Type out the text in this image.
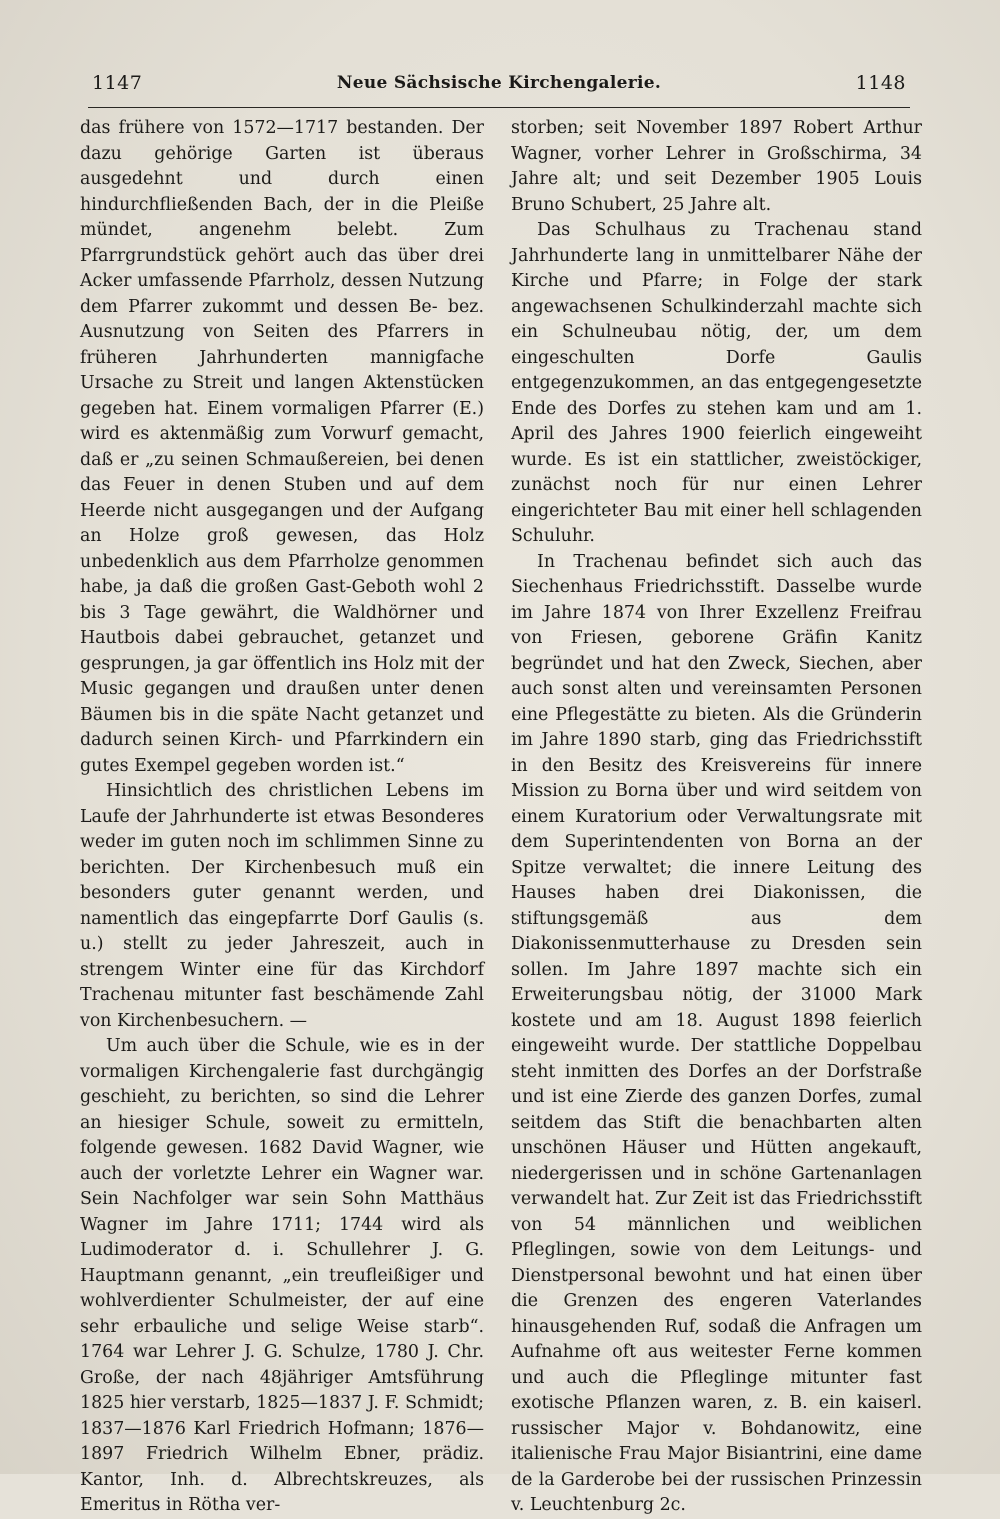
1147	Neue Sächsische Kirchengalerie.	1148

das frühere von 1572—1717 bestanden. Der dazu gehörige Garten ist überaus ausgedehnt und durch einen hindurchfließenden Bach, der in die Pleiße mündet, angenehm belebt. Zum Pfarrgrundstück gehört auch das über drei Acker umfassende Pfarrholz, dessen Nutzung dem Pfarrer zukommt und dessen Be- bez. Ausnutzung von Seiten des Pfarrers in früheren Jahrhunderten mannigfache Ursache zu Streit und langen Aktenstücken gegeben hat. Einem vormaligen Pfarrer (E.) wird es aktenmäßig zum Vorwurf gemacht, daß er „zu seinen Schmaußereien, bei denen das Feuer in denen Stuben und auf dem Heerde nicht ausgegangen und der Aufgang an Holze groß gewesen, das Holz unbedenklich aus dem Pfarrholze genommen habe, ja daß die großen Gast-Geboth wohl 2 bis 3 Tage gewährt, die Waldhörner und Hautbois dabei gebrauchet, getanzet und gesprungen, ja gar öffentlich ins Holz mit der Music gegangen und draußen unter denen Bäumen bis in die späte Nacht getanzet und dadurch seinen Kirch- und Pfarrkindern ein gutes Exempel gegeben worden ist.“

Hinsichtlich des christlichen Lebens im Laufe der Jahrhunderte ist etwas Besonderes weder im guten noch im schlimmen Sinne zu berichten. Der Kirchenbesuch muß ein besonders guter genannt werden, und namentlich das eingepfarrte Dorf Gaulis (s. u.) stellt zu jeder Jahreszeit, auch in strengem Winter eine für das Kirchdorf Trachenau mitunter fast beschämende Zahl von Kirchenbesuchern. —

Um auch über die Schule, wie es in der vormaligen Kirchengalerie fast durchgängig geschieht, zu berichten, so sind die Lehrer an hiesiger Schule, soweit zu ermitteln, folgende gewesen. 1682 David Wagner, wie auch der vorletzte Lehrer ein Wagner war. Sein Nachfolger war sein Sohn Matthäus Wagner im Jahre 1711; 1744 wird als Ludimoderator d. i. Schullehrer J. G. Hauptmann genannt, „ein treufleißiger und wohlverdienter Schulmeister, der auf eine sehr erbauliche und selige Weise starb“. 1764 war Lehrer J. G. Schulze, 1780 J. Chr. Große, der nach 48jähriger Amtsführung 1825 hier verstarb, 1825—1837 J. F. Schmidt; 1837—1876 Karl Friedrich Hofmann; 1876—1897 Friedrich Wilhelm Ebner, prädiz. Kantor, Inh. d. Albrechtskreuzes, als Emeritus in Rötha ver-

storben; seit November 1897 Robert Arthur Wagner, vorher Lehrer in Großschirma, 34 Jahre alt; und seit Dezember 1905 Louis Bruno Schubert, 25 Jahre alt.

Das Schulhaus zu Trachenau stand Jahrhunderte lang in unmittelbarer Nähe der Kirche und Pfarre; in Folge der stark angewachsenen Schulkinderzahl machte sich ein Schulneubau nötig, der, um dem eingeschulten Dorfe Gaulis entgegenzukommen, an das entgegengesetzte Ende des Dorfes zu stehen kam und am 1. April des Jahres 1900 feierlich eingeweiht wurde. Es ist ein stattlicher, zweistöckiger, zunächst noch für nur einen Lehrer eingerichteter Bau mit einer hell schlagenden Schuluhr.

In Trachenau befindet sich auch das Siechenhaus Friedrichsstift. Dasselbe wurde im Jahre 1874 von Ihrer Exzellenz Freifrau von Friesen, geborene Gräfin Kanitz begründet und hat den Zweck, Siechen, aber auch sonst alten und vereinsamten Personen eine Pflegestätte zu bieten. Als die Gründerin im Jahre 1890 starb, ging das Friedrichsstift in den Besitz des Kreisvereins für innere Mission zu Borna über und wird seitdem von einem Kuratorium oder Verwaltungsrate mit dem Superintendenten von Borna an der Spitze verwaltet; die innere Leitung des Hauses haben drei Diakonissen, die stiftungsgemäß aus dem Diakonissenmutterhause zu Dresden sein sollen. Im Jahre 1897 machte sich ein Erweiterungsbau nötig, der 31000 Mark kostete und am 18. August 1898 feierlich eingeweiht wurde. Der stattliche Doppelbau steht inmitten des Dorfes an der Dorfstraße und ist eine Zierde des ganzen Dorfes, zumal seitdem das Stift die benachbarten alten unschönen Häuser und Hütten angekauft, niedergerissen und in schöne Gartenanlagen verwandelt hat. Zur Zeit ist das Friedrichsstift von 54 männlichen und weiblichen Pfleglingen, sowie von dem Leitungs- und Dienstpersonal bewohnt und hat einen über die Grenzen des engeren Vaterlandes hinausgehenden Ruf, sodaß die Anfragen um Aufnahme oft aus weitester Ferne kommen und auch die Pfleglinge mitunter fast exotische Pflanzen waren, z. B. ein kaiserl. russischer Major v. Bohdanowitz, eine italienische Frau Major Bisiantrini, eine dame de la Garderobe bei der russischen Prinzessin v. Leuchtenburg 2c.
